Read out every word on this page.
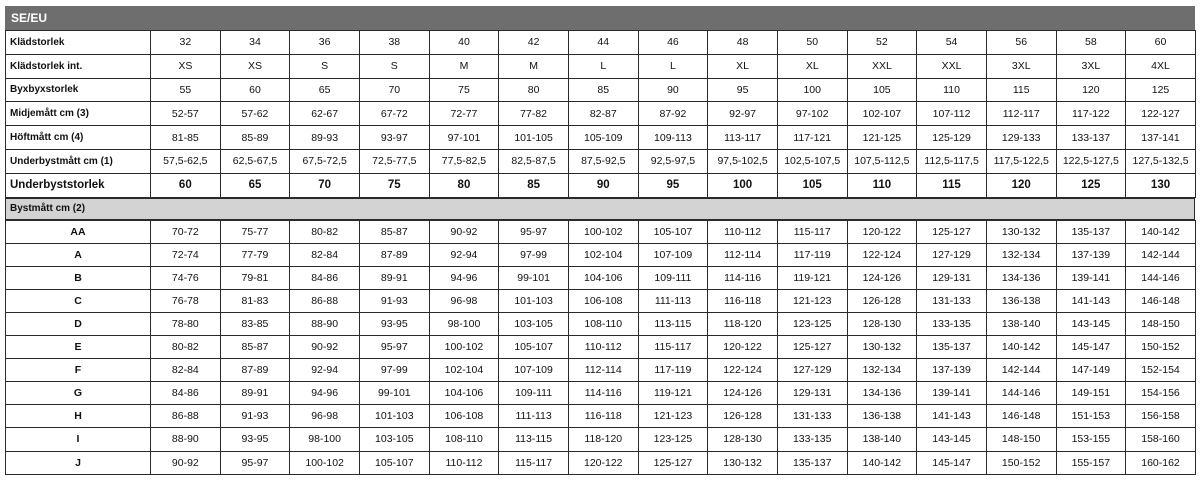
SE/EU
Klädstorlek	32	34	36	38	40	42	44	46	48	50	52	54	56	58	60
Klädstorlek int.	XS	XS	S	S	M	M	L	L	XL	XL	XXL	XXL	3XL	3XL	4XL
Byxbyxstorlek	55	60	65	70	75	80	85	90	95	100	105	110	115	120	125
Midjemått cm (3)	52-57	57-62	62-67	67-72	72-77	77-82	82-87	87-92	92-97	97-102	102-107	107-112	112-117	117-122	122-127
Höftmått cm (4)	81-85	85-89	89-93	93-97	97-101	101-105	105-109	109-113	113-117	117-121	121-125	125-129	129-133	133-137	137-141
Underbystmått cm (1)	57,5-62,5	62,5-67,5	67,5-72,5	72,5-77,5	77,5-82,5	82,5-87,5	87,5-92,5	92,5-97,5	97,5-102,5	102,5-107,5	107,5-112,5	112,5-117,5	117,5-122,5	122,5-127,5	127,5-132,5
Underbyststorlek	60	65	70	75	80	85	90	95	100	105	110	115	120	125	130
Bystmått cm (2)
AA	70-72	75-77	80-82	85-87	90-92	95-97	100-102	105-107	110-112	115-117	120-122	125-127	130-132	135-137	140-142
A	72-74	77-79	82-84	87-89	92-94	97-99	102-104	107-109	112-114	117-119	122-124	127-129	132-134	137-139	142-144
B	74-76	79-81	84-86	89-91	94-96	99-101	104-106	109-111	114-116	119-121	124-126	129-131	134-136	139-141	144-146
C	76-78	81-83	86-88	91-93	96-98	101-103	106-108	111-113	116-118	121-123	126-128	131-133	136-138	141-143	146-148
D	78-80	83-85	88-90	93-95	98-100	103-105	108-110	113-115	118-120	123-125	128-130	133-135	138-140	143-145	148-150
E	80-82	85-87	90-92	95-97	100-102	105-107	110-112	115-117	120-122	125-127	130-132	135-137	140-142	145-147	150-152
F	82-84	87-89	92-94	97-99	102-104	107-109	112-114	117-119	122-124	127-129	132-134	137-139	142-144	147-149	152-154
G	84-86	89-91	94-96	99-101	104-106	109-111	114-116	119-121	124-126	129-131	134-136	139-141	144-146	149-151	154-156
H	86-88	91-93	96-98	101-103	106-108	111-113	116-118	121-123	126-128	131-133	136-138	141-143	146-148	151-153	156-158
I	88-90	93-95	98-100	103-105	108-110	113-115	118-120	123-125	128-130	133-135	138-140	143-145	148-150	153-155	158-160
J	90-92	95-97	100-102	105-107	110-112	115-117	120-122	125-127	130-132	135-137	140-142	145-147	150-152	155-157	160-162
